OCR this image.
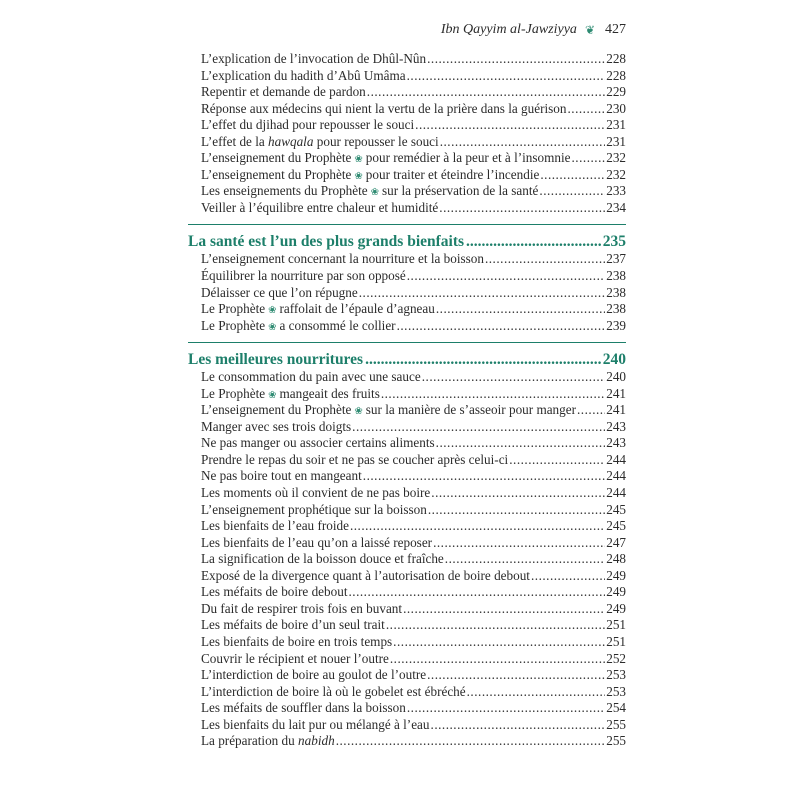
Ibn Qayyim al-Jawziyya ❦ 427
L’explication de l’invocation de Dhûl-Nûn .....	228
L’explication du hadith d’Abû Umâma .....	228
Repentir et demande de pardon .....	229
Réponse aux médecins qui nient la vertu de la prière dans la guérison .....	230
L’effet du djihad pour repousser le souci .....	231
L’effet de la hawqala pour repousser le souci .....	231
L’enseignement du Prophète ❀ pour remédier à la peur et à l’insomnie .....	232
L’enseignement du Prophète ❀ pour traiter et éteindre l’incendie .....	232
Les enseignements du Prophète ❀ sur la préservation de la santé .....	233
Veiller à l’équilibre entre chaleur et humidité .....	234
La santé est l’un des plus grands bienfaits .....	235
L’enseignement concernant la nourriture et la boisson .....	237
Équilibrer la nourriture par son opposé .....	238
Délaisser ce que l’on répugne .....	238
Le Prophète ❀ raffolait de l’épaule d’agneau .....	238
Le Prophète ❀ a consommé le collier .....	239
Les meilleures nourritures .....	240
Le consommation du pain avec une sauce .....	240
Le Prophète ❀ mangeait des fruits .....	241
L’enseignement du Prophète ❀ sur la manière de s’asseoir pour manger ..... 241
Manger avec ses trois doigts .....	243
Ne pas manger ou associer certains aliments .....	243
Prendre le repas du soir et ne pas se coucher après celui-ci .....	244
Ne pas boire tout en mangeant .....	244
Les moments où il convient de ne pas boire .....	244
L’enseignement prophétique sur la boisson .....	245
Les bienfaits de l’eau froide .....	245
Les bienfaits de l’eau qu’on a laissé reposer .....	247
La signification de la boisson douce et fraîche .....	248
Exposé de la divergence quant à l’autorisation de boire debout .....	249
Les méfaits de boire debout .....	249
Du fait de respirer trois fois en buvant .....	249
Les méfaits de boire d’un seul trait .....	251
Les bienfaits de boire en trois temps .....	251
Couvrir le récipient et nouer l’outre .....	252
L’interdiction de boire au goulot de l’outre .....	253
L’interdiction de boire là où le gobelet est ébréché .....	253
Les méfaits de souffler dans la boisson .....	254
Les bienfaits du lait pur ou mélangé à l’eau .....	255
La préparation du nabidh .....	255
